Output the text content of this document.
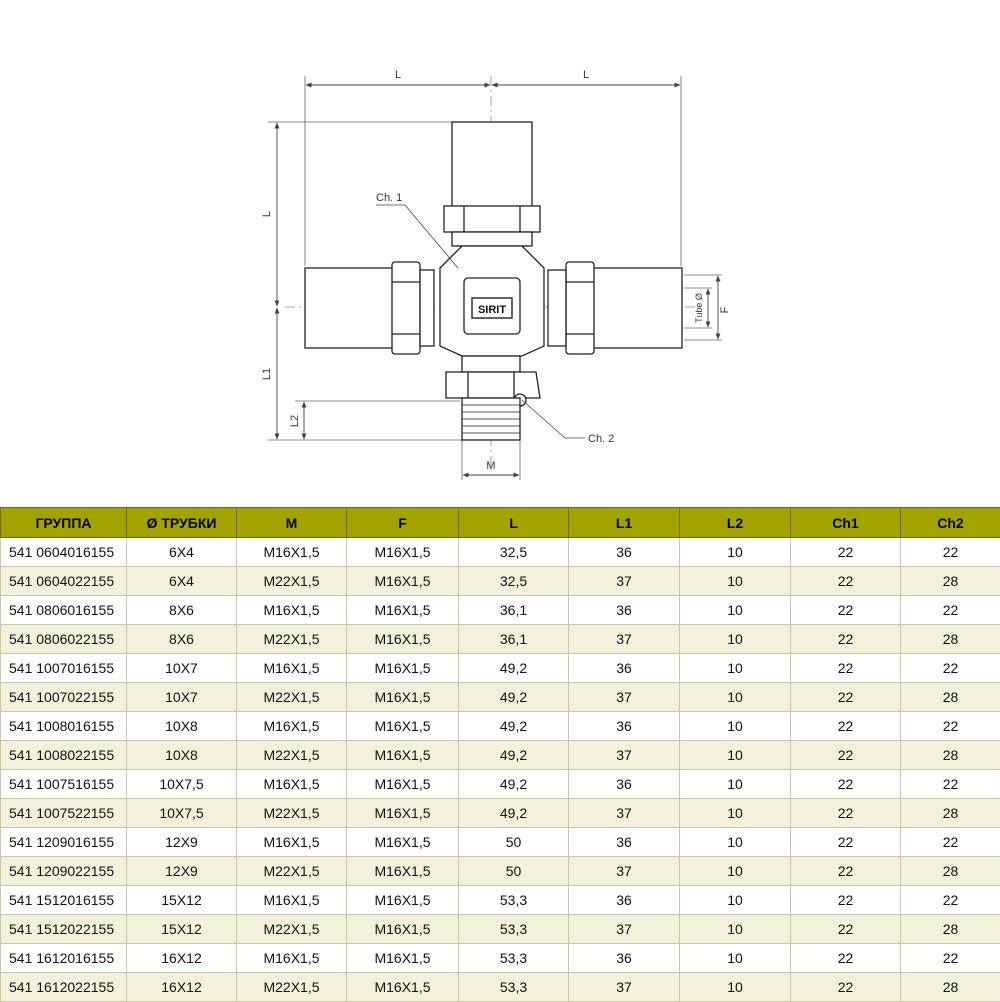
SIRIT
L	L
L
L1
L2
M
F
Tube Ø
Ch. 1
Ch. 2
ГРУППА	Ø ТРУБКИ	M	F	L	L1	L2	Ch1	Ch2
541 0604016155	6X4	M16X1,5	M16X1,5	32,5	36	10	22	22
541 0604022155	6X4	M22X1,5	M16X1,5	32,5	37	10	22	28
541 0806016155	8X6	M16X1,5	M16X1,5	36,1	36	10	22	22
541 0806022155	8X6	M22X1,5	M16X1,5	36,1	37	10	22	28
541 1007016155	10X7	M16X1,5	M16X1,5	49,2	36	10	22	22
541 1007022155	10X7	M22X1,5	M16X1,5	49,2	37	10	22	28
541 1008016155	10X8	M16X1,5	M16X1,5	49,2	36	10	22	22
541 1008022155	10X8	M22X1,5	M16X1,5	49,2	37	10	22	28
541 1007516155	10X7,5	M16X1,5	M16X1,5	49,2	36	10	22	22
541 1007522155	10X7,5	M22X1,5	M16X1,5	49,2	37	10	22	28
541 1209016155	12X9	M16X1,5	M16X1,5	50	36	10	22	22
541 1209022155	12X9	M22X1,5	M16X1,5	50	37	10	22	28
541 1512016155	15X12	M16X1,5	M16X1,5	53,3	36	10	22	22
541 1512022155	15X12	M22X1,5	M16X1,5	53,3	37	10	22	28
541 1612016155	16X12	M16X1,5	M16X1,5	53,3	36	10	22	22
541 1612022155	16X12	M22X1,5	M16X1,5	53,3	37	10	22	28
